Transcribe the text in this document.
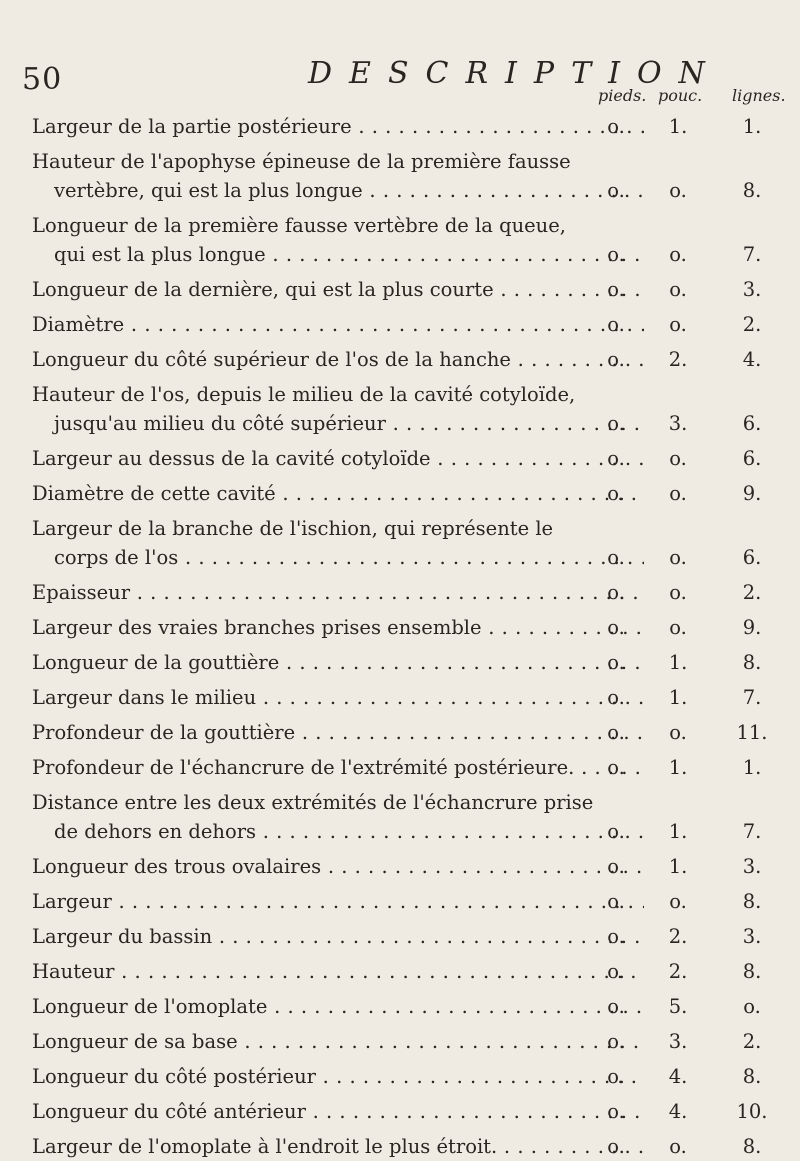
50	DESCRIPTION
pieds. pouc. lignes.
Largeur de la partie postérieure . . .	o.	1.	1.
Hauteur de l'apophyse épineuse de la première fausse
vertèbre, qui est la plus longue . . .	o.	o.	8.
Longueur de la première fausse vertèbre de la queue,
qui est la plus longue . . .	o.	o.	7.
Longueur de la dernière, qui est la plus courte . . .	o.	o.	3.
Diamètre . . .	o.	o.	2.
Longueur du côté supérieur de l'os de la hanche . . .	o.	2.	4.
Hauteur de l'os, depuis le milieu de la cavité cotyloïde,
jusqu'au milieu du côté supérieur . . .	o.	3.	6.
Largeur au dessus de la cavité cotyloïde . . .	o.	o.	6.
Diamètre de cette cavité . . .	o.	o.	9.
Largeur de la branche de l'ischion, qui représente le
corps de l'os . . .	o.	o.	6.
Epaisseur . . .	o.	o.	2.
Largeur des vraies branches prises ensemble . . .	o.	o.	9.
Longueur de la gouttière . . .	o.	1.	8.
Largeur dans le milieu . . .	o.	1.	7.
Profondeur de la gouttière . . .	o.	o.	11.
Profondeur de l'échancrure de l'extrémité postérieure. . . .	o.	1.	1.
Distance entre les deux extrémités de l'échancrure prise
de dehors en dehors . . .	o.	1.	7.
Longueur des trous ovalaires . . .	o.	1.	3.
Largeur . . .	o.	o.	8.
Largeur du bassin . . .	o.	2.	3.
Hauteur . . .	o.	2.	8.
Longueur de l'omoplate . . .	o.	5.	o.
Longueur de sa base . . .	o.	3.	2.
Longueur du côté postérieur . . .	o.	4.	8.
Longueur du côté antérieur . . .	o.	4.	10.
Largeur de l'omoplate à l'endroit le plus étroit. . . .	o.	o.	8.
